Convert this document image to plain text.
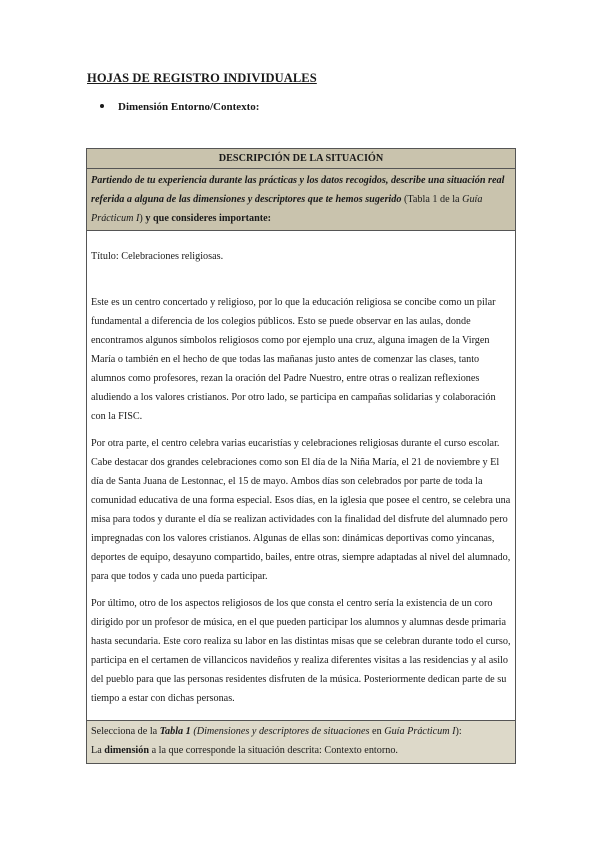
HOJAS DE REGISTRO INDIVIDUALES
Dimensión Entorno/Contexto:
DESCRIPCIÓN DE LA SITUACIÓN
Partiendo de tu experiencia durante las prácticas y los datos recogidos, describe una situación real referida a alguna de las dimensiones y descriptores que te hemos sugerido (Tabla 1 de la Guía Prácticum I) y que consideres importante:

Título: Celebraciones religiosas.

Este es un centro concertado y religioso, por lo que la educación religiosa se concibe como un pilar fundamental a diferencia de los colegios públicos. Esto se puede observar en las aulas, donde encontramos algunos símbolos religiosos como por ejemplo una cruz, alguna imagen de la Virgen María o también en el hecho de que todas las mañanas justo antes de comenzar las clases, tanto alumnos como profesores, rezan la oración del Padre Nuestro, entre otras o realizan reflexiones aludiendo a los valores cristianos. Por otro lado, se participa en campañas solidarias y colaboración con la FISC.

Por otra parte, el centro celebra varias eucaristías y celebraciones religiosas durante el curso escolar. Cabe destacar dos grandes celebraciones como son El día de la Niña María, el 21 de noviembre y El día de Santa Juana de Lestonnac, el 15 de mayo. Ambos días son celebrados por parte de toda la comunidad educativa de una forma especial. Esos días, en la iglesia que posee el centro, se celebra una misa para todos y durante el día se realizan actividades con la finalidad del disfrute del alumnado pero impregnadas con los valores cristianos. Algunas de ellas son: dinámicas deportivas como yincanas, deportes de equipo, desayuno compartido, bailes, entre otras, siempre adaptadas al nivel del alumnado, para que todos y cada uno pueda participar.

Por último, otro de los aspectos religiosos de los que consta el centro sería la existencia de un coro dirigido por un profesor de música, en el que pueden participar los alumnos y alumnas desde primaria hasta secundaria. Este coro realiza su labor en las distintas misas que se celebran durante todo el curso, participa en el certamen de villancicos navideños y realiza diferentes visitas a las residencias y al asilo del pueblo para que las personas residentes disfruten de la música. Posteriormente dedican parte de su tiempo a estar con dichas personas.

Selecciona de la Tabla 1 (Dimensiones y descriptores de situaciones en Guía Prácticum I):
La dimensión a la que corresponde la situación descrita: Contexto entorno.
